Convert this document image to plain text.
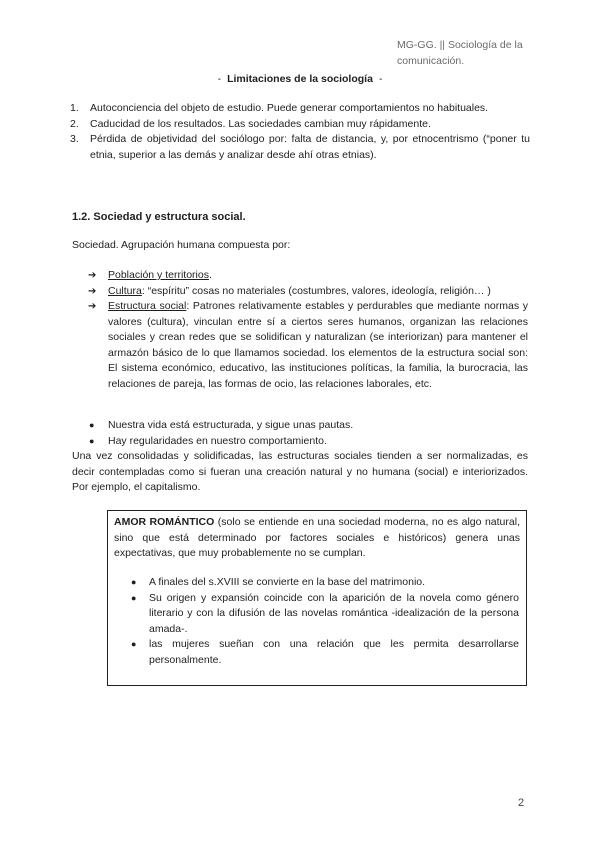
MG-GG. || Sociología de la comunicación.
- Limitaciones de la sociología -
1. Autoconciencia del objeto de estudio. Puede generar comportamientos no habituales.
2. Caducidad de los resultados. Las sociedades cambian muy rápidamente.
3. Pérdida de objetividad del sociólogo por: falta de distancia, y, por etnocentrismo (“poner tu etnia, superior a las demás y analizar desde ahí otras etnias).
1.2. Sociedad y estructura social.
Sociedad. Agrupación humana compuesta por:
➔ Población y territorios.
➔ Cultura: “espíritu” cosas no materiales (costumbres, valores, ideología, religión… )
➔ Estructura social: Patrones relativamente estables y perdurables que mediante normas y valores (cultura), vinculan entre sí a ciertos seres humanos, organizan las relaciones sociales y crean redes que se solidifican y naturalizan (se interiorizan) para mantener el armazón básico de lo que llamamos sociedad. los elementos de la estructura social son: El sistema económico, educativo, las instituciones políticas, la familia, la burocracia, las relaciones de pareja, las formas de ocio, las relaciones laborales, etc.
● Nuestra vida está estructurada, y sigue unas pautas.
● Hay regularidades en nuestro comportamiento.
Una vez consolidadas y solidificadas, las estructuras sociales tienden a ser normalizadas, es decir contempladas como si fueran una creación natural y no humana (social) e interiorizados. Por ejemplo, el capitalismo.
AMOR ROMÁNTICO (solo se entiende en una sociedad moderna, no es algo natural, sino que está determinado por factores sociales e históricos) genera unas expectativas, que muy probablemente no se cumplan.
● A finales del s.XVIII se convierte en la base del matrimonio.
● Su origen y expansión coincide con la aparición de la novela como género literario y con la difusión de las novelas romántica -idealización de la persona amada-.
● las mujeres sueñan con una relación que les permita desarrollarse personalmente.
2
